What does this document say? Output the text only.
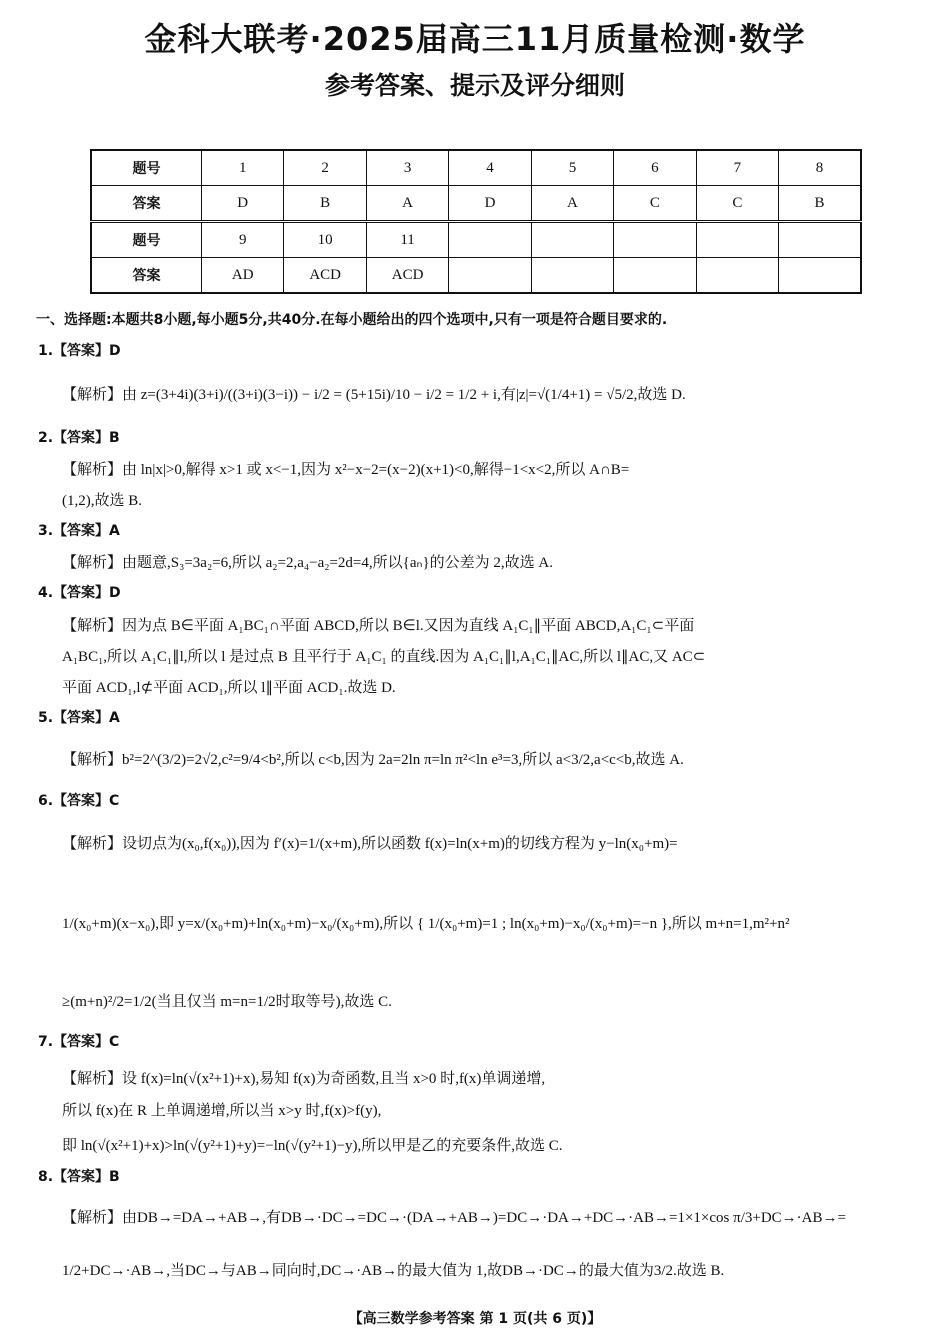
金科大联考·2025届高三11月质量检测·数学
参考答案、提示及评分细则
题号	1	2	3	4	5	6	7	8
答案	D	B	A	D	A	C	C	B
题号	9	10	11					
答案	AD	ACD	ACD					
一、选择题:本题共8小题,每小题5分,共40分.在每小题给出的四个选项中,只有一项是符合题目要求的.
1.【答案】D
【解析】由 z=(3+4i)(3+i)/((3+i)(3−i)) − i/2 = (5+15i)/10 − i/2 = 1/2 + i,有|z|=√(1/4+1) = √5/2,故选 D.
2.【答案】B
【解析】由 ln|x|>0,解得 x>1 或 x<−1,因为 x²−x−2=(x−2)(x+1)<0,解得−1<x<2,所以 A∩B=
(1,2),故选 B.
3.【答案】A
【解析】由题意,S₃=3a₂=6,所以 a₂=2,a₄−a₂=2d=4,所以{aₙ}的公差为 2,故选 A.
4.【答案】D
【解析】因为点 B∈平面 A₁BC₁∩平面 ABCD,所以 B∈l.又因为直线 A₁C₁∥平面 ABCD,A₁C₁⊂平面
A₁BC₁,所以 A₁C₁∥l,所以 l 是过点 B 且平行于 A₁C₁ 的直线.因为 A₁C₁∥l,A₁C₁∥AC,所以 l∥AC,又 AC⊂
平面 ACD₁,l⊄平面 ACD₁,所以 l∥平面 ACD₁.故选 D.
5.【答案】A
【解析】b²=2^(3/2)=2√2,c²=9/4<b²,所以 c<b,因为 2a=2ln π=ln π²<ln e³=3,所以 a<3/2,a<c<b,故选 A.
6.【答案】C
【解析】设切点为(x₀,f(x₀)),因为 f′(x)=1/(x+m),所以函数 f(x)=ln(x+m)的切线方程为 y−ln(x₀+m)=
1/(x₀+m)(x−x₀),即 y=x/(x₀+m)+ln(x₀+m)−x₀/(x₀+m),所以 { 1/(x₀+m)=1 ; ln(x₀+m)−x₀/(x₀+m)=−n },所以 m+n=1,m²+n²
≥(m+n)²/2=1/2(当且仅当 m=n=1/2时取等号),故选 C.
7.【答案】C
【解析】设 f(x)=ln(√(x²+1)+x),易知 f(x)为奇函数,且当 x>0 时,f(x)单调递增,
所以 f(x)在 R 上单调递增,所以当 x>y 时,f(x)>f(y),
即 ln(√(x²+1)+x)>ln(√(y²+1)+y)=−ln(√(y²+1)−y),所以甲是乙的充要条件,故选 C.
8.【答案】B
【解析】由DB→=DA→+AB→,有DB→·DC→=DC→·(DA→+AB→)=DC→·DA→+DC→·AB→=1×1×cos π/3+DC→·AB→=
1/2+DC→·AB→,当DC→与AB→同向时,DC→·AB→的最大值为 1,故DB→·DC→的最大值为3/2.故选 B.
【高三数学参考答案 第 1 页(共 6 页)】
